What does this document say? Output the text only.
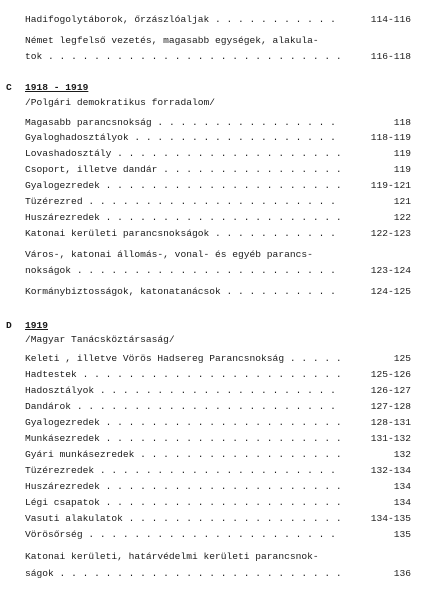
Hadifogolytáborok, őrzászlóaljak . . .	114-116
Német legfelső vezetés, magasabb egységek, alakula-
tok . . .	116-118
C 1918 - 1919
/Polgári demokratikus forradalom/
Magasabb parancsnokság . . .	118
Gyaloghadosztályok . . .	118-119
Lovashadosztály . . .	119
Csoport, illetve dandár . . .	119
Gyalogezredek . . .	119-121
Tüzérezred . . .	121
Huszárezredek . . .	122
Katonai kerületi parancsnokságok . . .	122-123
Város-, katonai állomás-, vonal- és egyéb parancs-
nokságok . . .	123-124
Kormánybiztosságok, katonatanácsok . . .	124-125
D 1919
/Magyar Tanácsköztársaság/
Keleti , illetve Vörös Hadsereg Parancsnokság . . .	125
Hadtestek . . .	125-126
Hadosztályok . . .	126-127
Dandárok . . .	127-128
Gyalogezredek . . .	128-131
Munkásezredek . . .	131-132
Gyári munkásezredek . . .	132
Tüzérezredek . . .	132-134
Huszárezredek . . .	134
Légi csapatok . . .	134
Vasuti alakulatok . . .	134-135
Vörösőrség . . .	135
Katonai kerületi, határvédelmi kerületi parancsnok-
ságok . . .	136
